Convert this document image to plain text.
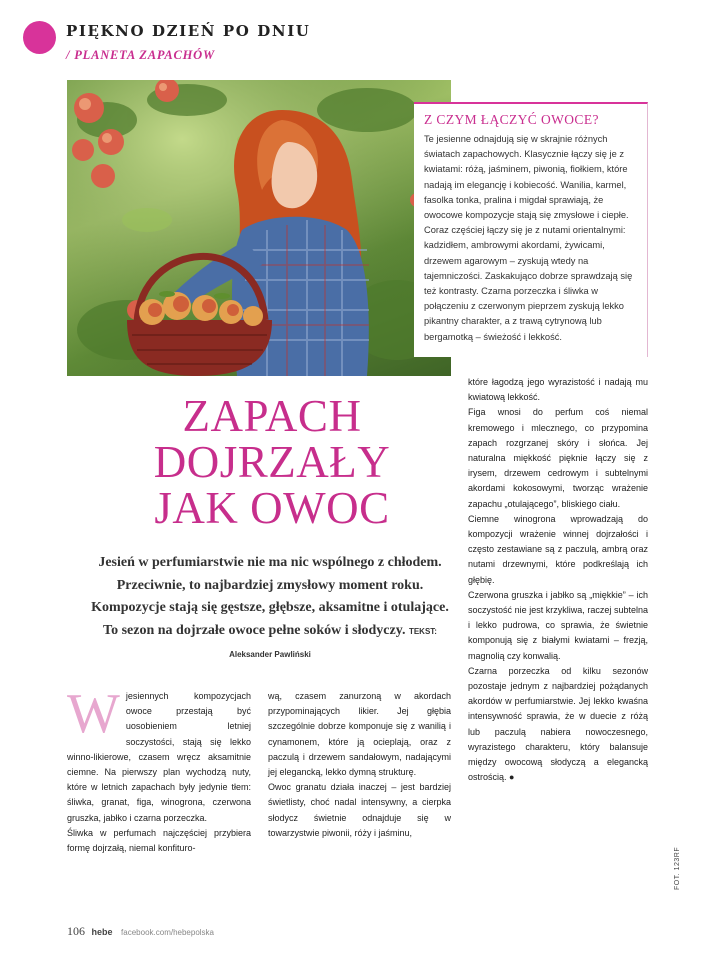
PIĘKNO DZIEŃ PO DNIU
/ PLANETA ZAPACHÓW
Z CZYM ŁĄCZYĆ OWOCE?

Te jesienne odnajdują się w skrajnie różnych światach zapachowych. Klasycznie łączy się je z kwiatami: różą, jaśminem, piwonią, fiołkiem, które nadają im elegancję i kobiecość. Wanilia, karmel, fasolka tonka, pralina i migdał sprawiają, że owocowe kompozycje stają się zmysłowe i ciepłe. Coraz częściej łączy się je z nutami orientalnymi: kadzidłem, ambrowymi akordami, żywicami, drzewem agarowym – zyskują wtedy na tajemniczości. Zaskakująco dobrze sprawdzają się też kontrasty. Czarna porzeczka i śliwka w połączeniu z czerwonym pieprzem zyskują lekko pikantny charakter, a z trawą cytrynową lub bergamotką – świeżość i lekkość.

ZAPACH
DOJRZAŁY
JAK OWOC
Jesień w perfumiarstwie nie ma nic wspólnego z chłodem. Przeciwnie, to najbardziej zmysłowy moment roku. Kompozycje stają się gęstsze, głębsze, aksamitne i otulające. To sezon na dojrzałe owoce pełne soków i słodyczy. TEKST: Aleksander Pawliński
W jesiennych kompozycjach owoce przestają być uosobieniem letniej soczystości, stają się lekko winno-likierowe, czasem wręcz aksamitnie ciemne. Na pierwszy plan wychodzą nuty, które w letnich zapachach były jedynie tłem: śliwka, granat, figa, winogrona, czerwona gruszka, jabłko i czarna porzeczka.

Śliwka w perfumach najczęściej przybiera formę dojrzałą, niemal konfituro-

wą, czasem zanurzoną w akordach przypominających likier. Jej głębia szczególnie dobrze komponuje się z wanilią i cynamonem, które ją ocieplają, oraz z paczulą i drzewem sandałowym, nadającymi jej elegancką, lekko dymną strukturę.

Owoc granatu działa inaczej – jest bardziej świetlisty, choć nadal intensywny, a cierpka słodycz świetnie odnajduje się w towarzystwie piwonii, róży i jaśminu,

które łagodzą jego wyrazistość i nadają mu kwiatową lekkość.

Figa wnosi do perfum coś niemal kremowego i mlecznego, co przypomina zapach rozgrzanej skóry i słońca. Jej naturalna miękkość pięknie łączy się z irysem, drzewem cedrowym i subtelnymi akordami kokosowymi, tworząc wrażenie zapachu „otulającego”, bliskiego ciału.

Ciemne winogrona wprowadzają do kompozycji wrażenie winnej dojrzałości i często zestawiane są z paczulą, ambrą oraz nutami drzewnymi, które podkreślają ich głębię.

Czerwona gruszka i jabłko są „miękkie” – ich soczystość nie jest krzykliwa, raczej subtelna i lekko pudrowa, co sprawia, że świetnie komponują się z białymi kwiatami – frezją, magnolią czy konwalią.

Czarna porzeczka od kilku sezonów pozostaje jednym z najbardziej pożądanych akordów w perfumiarstwie. Jej lekko kwaśna intensywność sprawia, że w duecie z różą lub paczulą nabiera nowoczesnego, wyrazistego charakteru, który balansuje między owocową słodyczą a elegancką ostrością. ●

FOT. 123RF
106 hebe facebook.com/hebepolska
